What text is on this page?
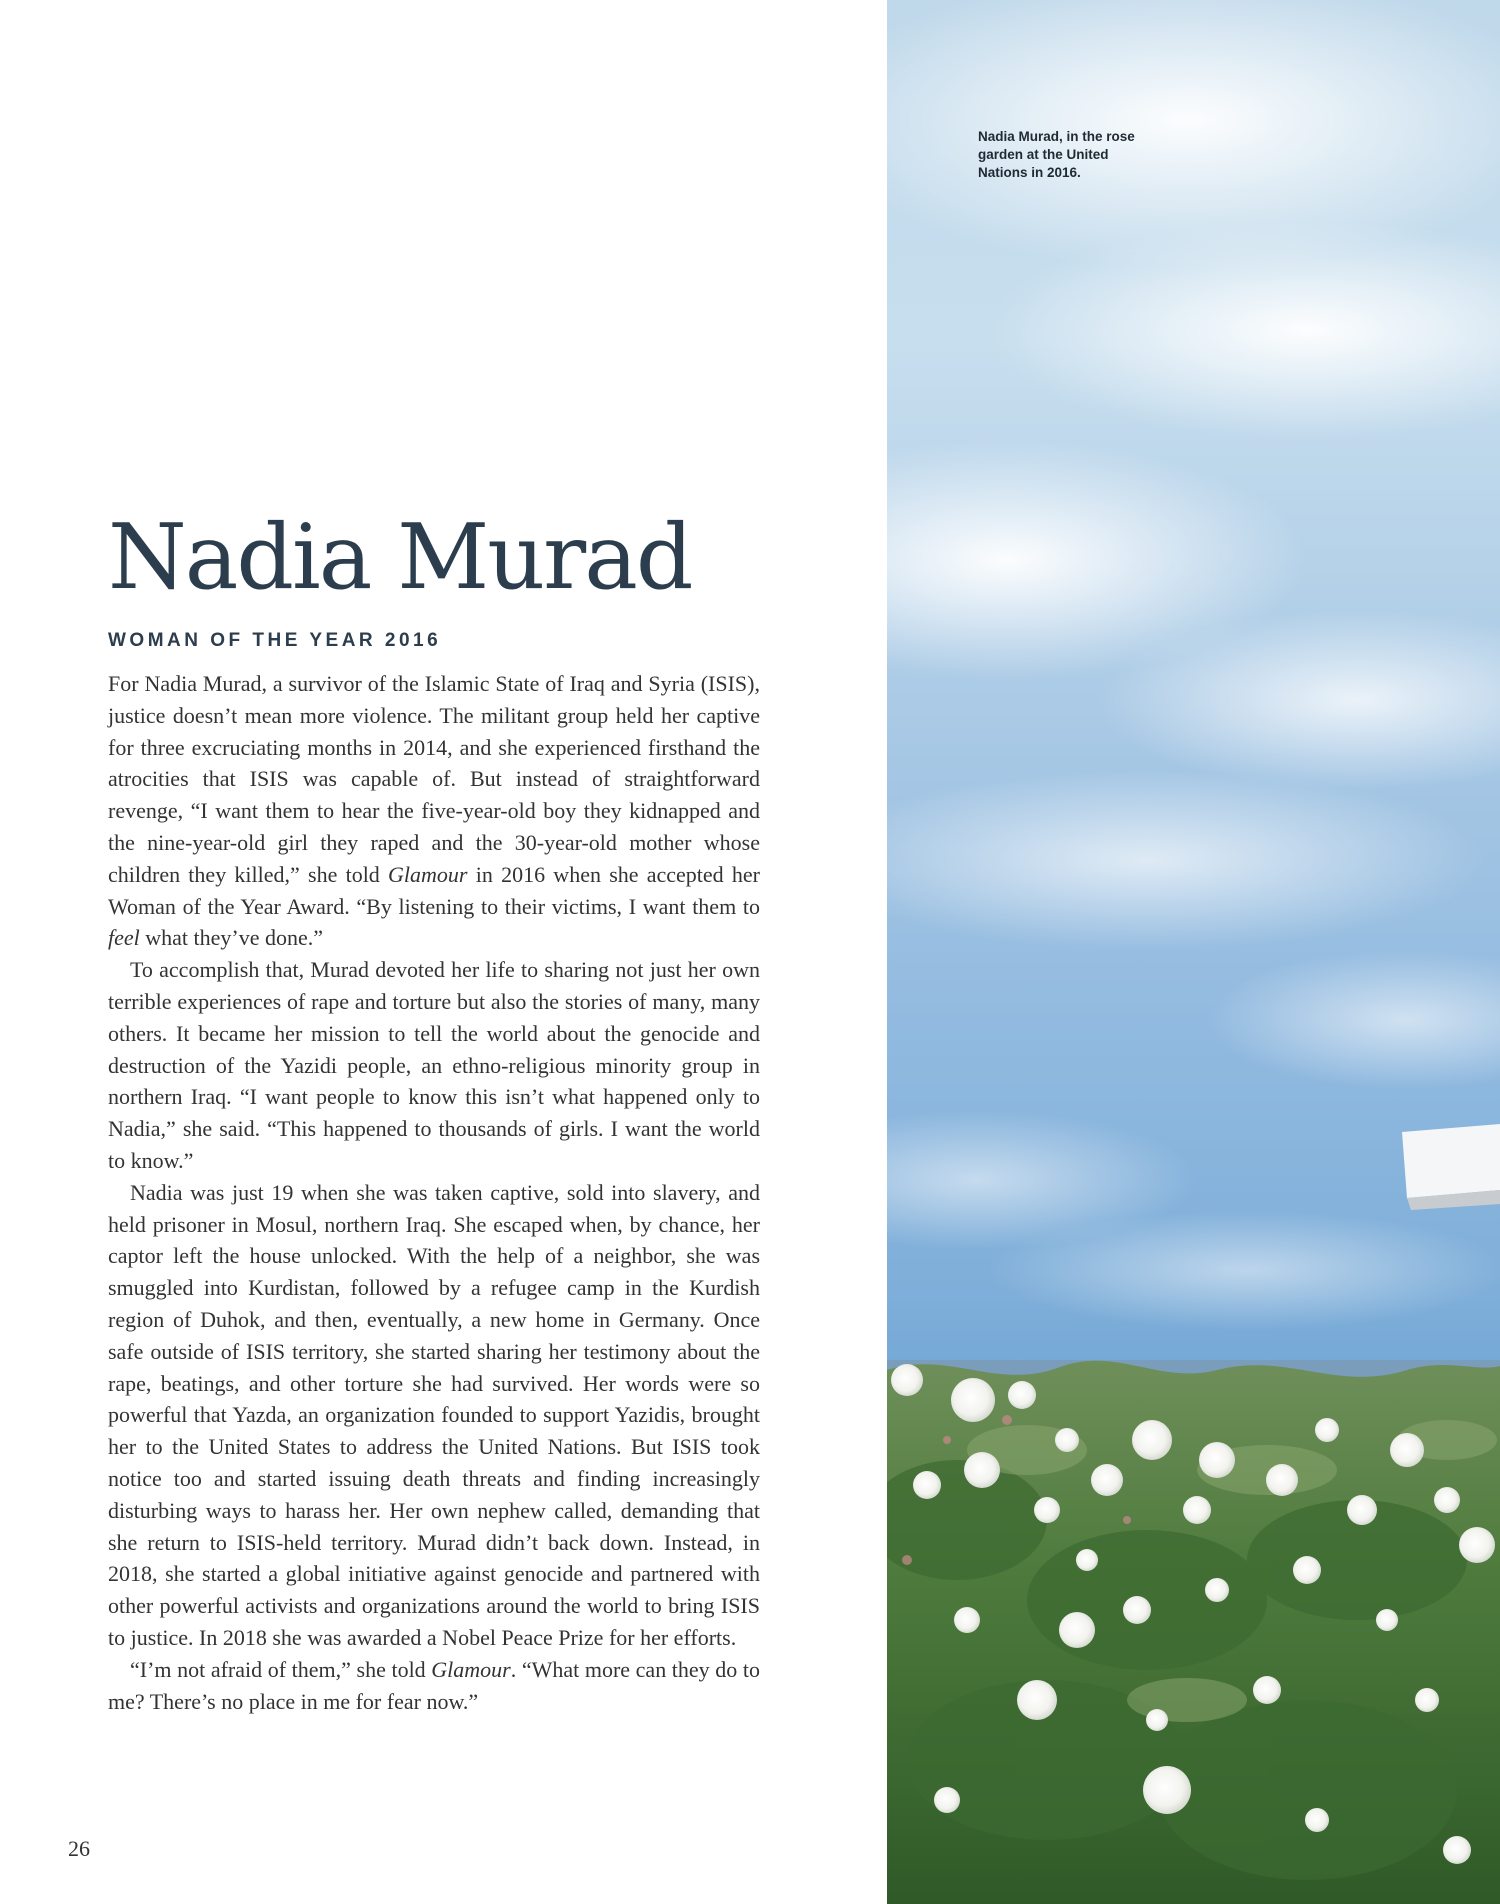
Nadia Murad
WOMAN OF THE YEAR 2016

For Nadia Murad, a survivor of the Islamic State of Iraq and Syria (ISIS), justice doesn’t mean more violence. The militant group held her captive for three excruciating months in 2014, and she experienced firsthand the atrocities that ISIS was capable of. But instead of straightforward revenge, “I want them to hear the five-year-old boy they kidnapped and the nine-year-old girl they raped and the 30-year-old mother whose children they killed,” she told Glamour in 2016 when she accepted her Woman of the Year Award. “By listening to their victims, I want them to feel what they’ve done.”

To accomplish that, Murad devoted her life to sharing not just her own terrible experiences of rape and torture but also the stories of many, many others. It became her mission to tell the world about the genocide and destruction of the Yazidi people, an ethno-religious minority group in northern Iraq. “I want people to know this isn’t what happened only to Nadia,” she said. “This happened to thousands of girls. I want the world to know.”

Nadia was just 19 when she was taken captive, sold into slavery, and held prisoner in Mosul, northern Iraq. She escaped when, by chance, her captor left the house unlocked. With the help of a neighbor, she was smuggled into Kurdistan, followed by a refugee camp in the Kurdish region of Duhok, and then, eventually, a new home in Germany. Once safe outside of ISIS territory, she started sharing her testimony about the rape, beatings, and other torture she had survived. Her words were so powerful that Yazda, an organization founded to support Yazidis, brought her to the United States to address the United Nations. But ISIS took notice too and started issuing death threats and finding increasingly disturbing ways to harass her. Her own nephew called, demanding that she return to ISIS-held territory. Murad didn’t back down. Instead, in 2018, she started a global initiative against genocide and partnered with other powerful activists and organizations around the world to bring ISIS to justice. In 2018 she was awarded a Nobel Peace Prize for her efforts.

“I’m not afraid of them,” she told Glamour. “What more can they do to me? There’s no place in me for fear now.”

26
Nadia Murad, in the rose garden at the United Nations in 2016.
